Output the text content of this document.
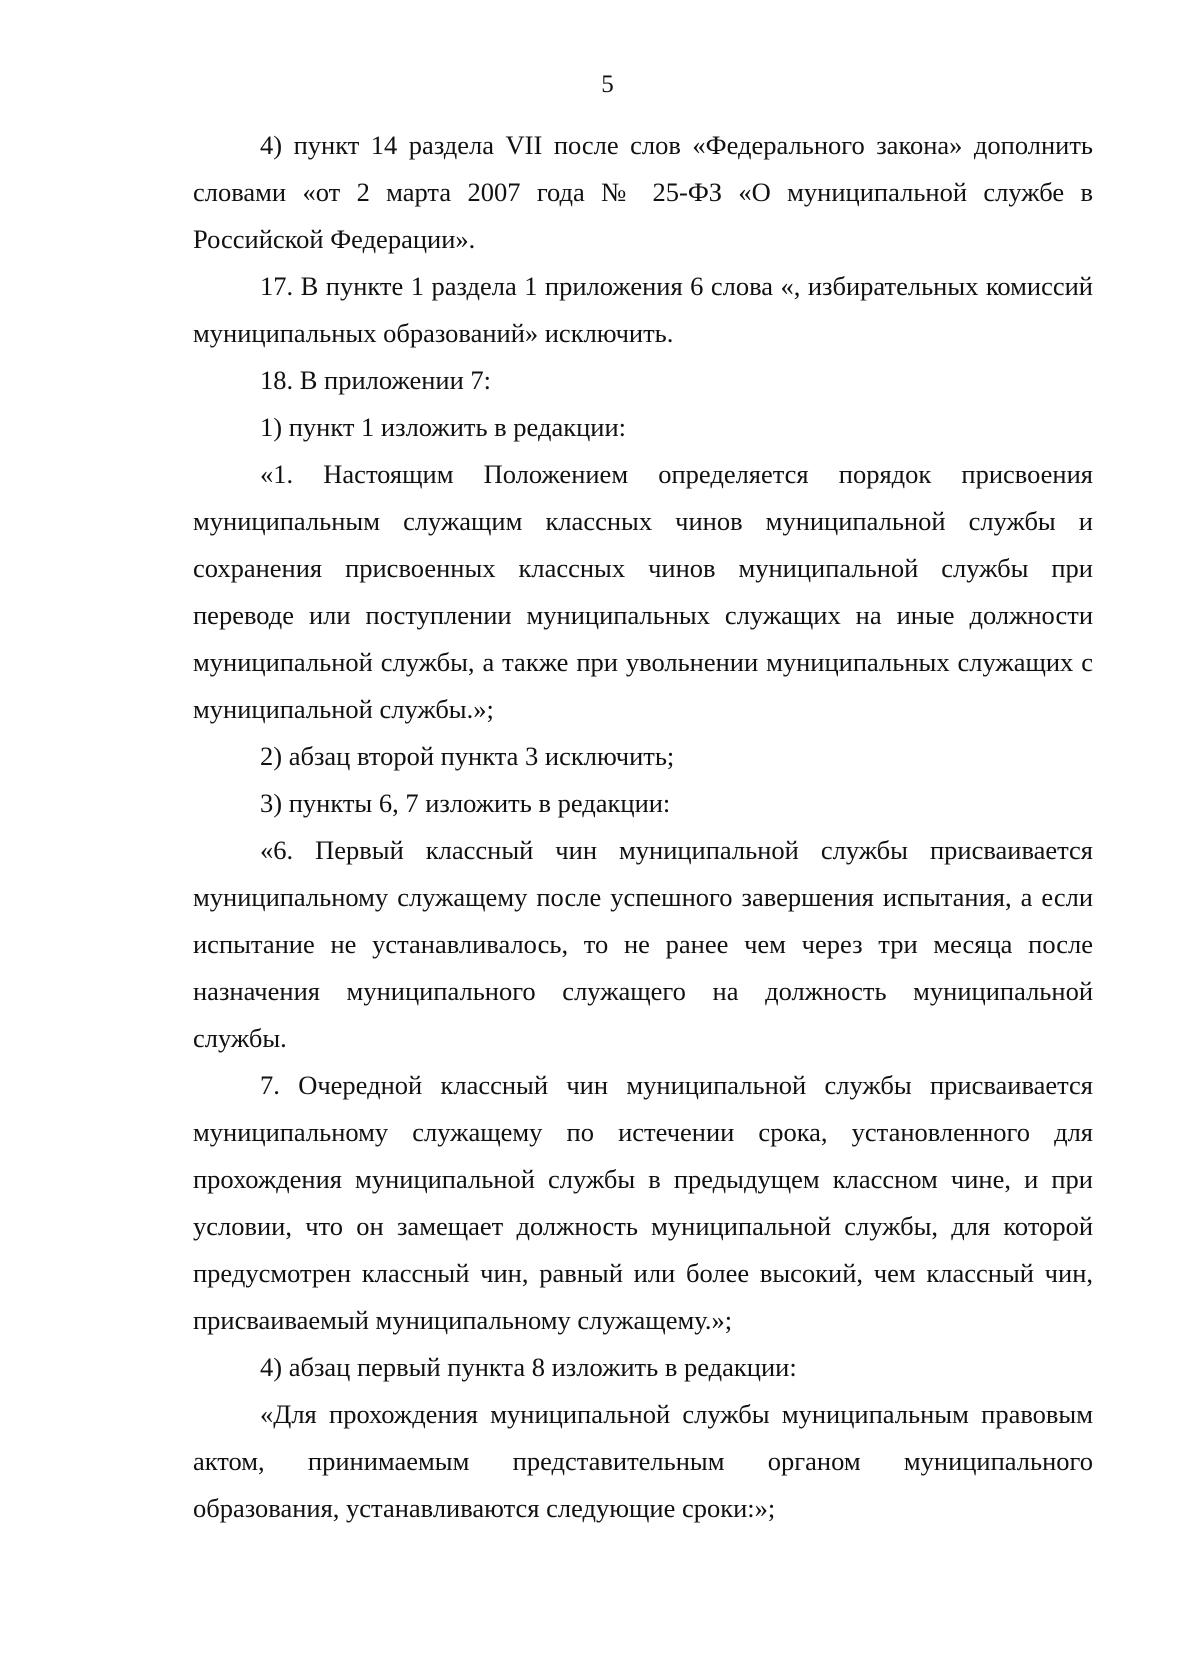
5

4) пункт 14 раздела VII после слов «Федерального закона» дополнить словами «от 2 марта 2007 года № 25-ФЗ «О муниципальной службе в Российской Федерации».

17. В пункте 1 раздела 1 приложения 6 слова «, избирательных комиссий муниципальных образований» исключить.

18. В приложении 7:

1) пункт 1 изложить в редакции:

«1. Настоящим Положением определяется порядок присвоения муниципальным служащим классных чинов муниципальной службы и сохранения присвоенных классных чинов муниципальной службы при переводе или поступлении муниципальных служащих на иные должности муниципальной службы, а также при увольнении муниципальных служащих с муниципальной службы.»;

2) абзац второй пункта 3 исключить;

3) пункты 6, 7 изложить в редакции:

«6. Первый классный чин муниципальной службы присваивается муниципальному служащему после успешного завершения испытания, а если испытание не устанавливалось, то не ранее чем через три месяца после назначения муниципального служащего на должность муниципальной службы.

7. Очередной классный чин муниципальной службы присваивается муниципальному служащему по истечении срока, установленного для прохождения муниципальной службы в предыдущем классном чине, и при условии, что он замещает должность муниципальной службы, для которой предусмотрен классный чин, равный или более высокий, чем классный чин, присваиваемый муниципальному служащему.»;

4) абзац первый пункта 8 изложить в редакции:

«Для прохождения муниципальной службы муниципальным правовым актом, принимаемым представительным органом муниципального образования, устанавливаются следующие сроки:»;
